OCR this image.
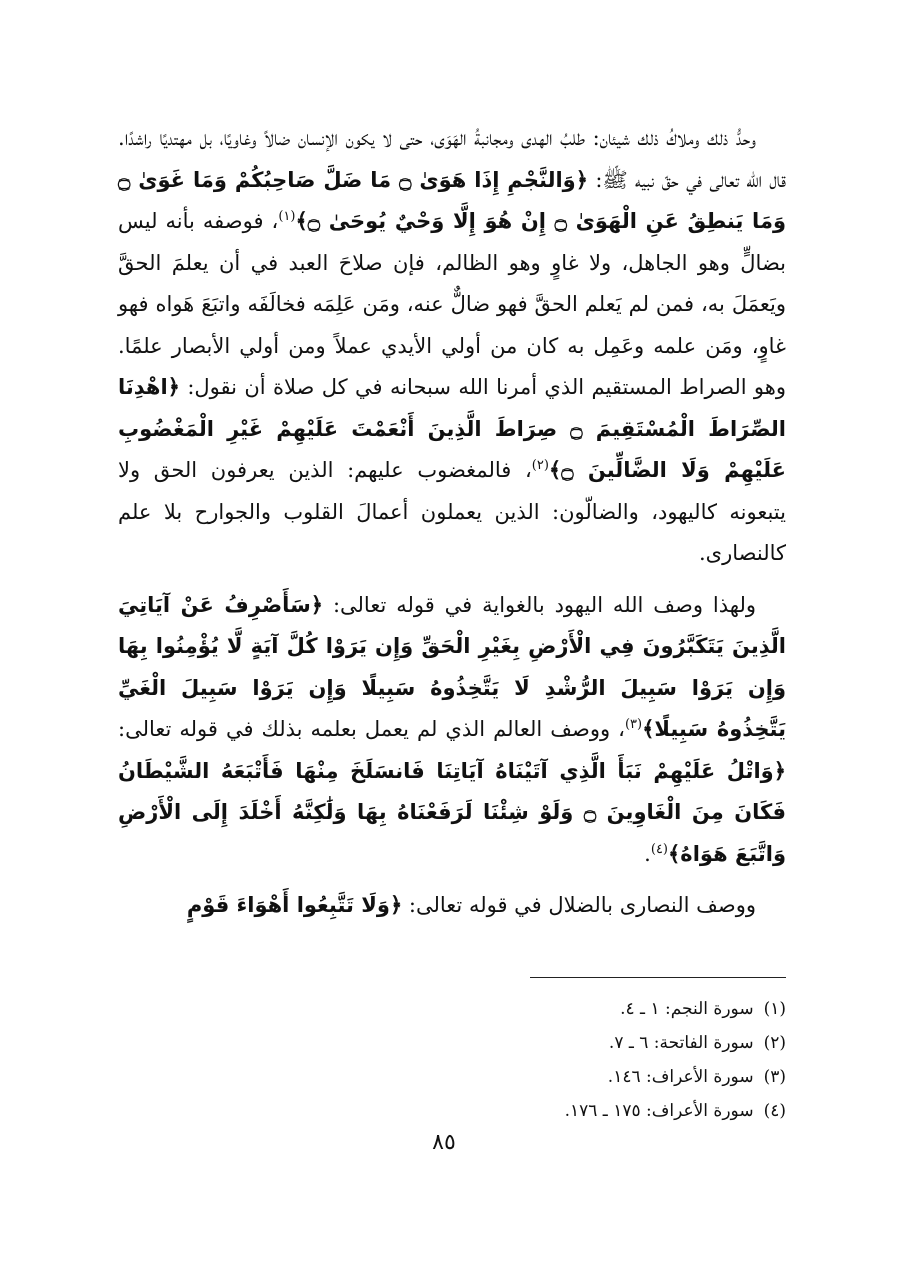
وحدُّ ذلك وملاكُ ذلك شيئان: طلبُ الهدى ومجانبةُ الهَوَى، حتى لا يكون الإنسان ضالاً وغاويًا، بل مهتديًا راشدًا. قال الله تعالى في حقّ نبيه ﷺ: ﴿وَالنَّجْمِ إِذَا هَوَىٰ ۝ مَا ضَلَّ صَاحِبُكُمْ وَمَا غَوَىٰ ۝ وَمَا يَنطِقُ عَنِ الْهَوَىٰ ۝ إِنْ هُوَ إِلَّا وَحْيٌ يُوحَىٰ ۝﴾$^{(١)}$، فوصفه بأنه ليس بضالٍّ وهو الجاهل، ولا غاوٍ وهو الظالم، فإن صلاحَ العبد في أن يعلمَ الحقَّ ويَعمَلَ به، فمن لم يَعلم الحقَّ فهو ضالٌّ عنه، ومَن عَلِمَه فخالَفَه واتبَعَ هَواه فهو غاوٍ، ومَن علمه وعَمِل به كان من أولي الأيدي عملاً ومن أولي الأبصار علمًا. وهو الصراط المستقيم الذي أمرنا الله سبحانه في كل صلاة أن نقول: ﴿اهْدِنَا الصِّرَاطَ الْمُسْتَقِيمَ ۝ صِرَاطَ الَّذِينَ أَنْعَمْتَ عَلَيْهِمْ غَيْرِ الْمَغْضُوبِ عَلَيْهِمْ وَلَا الضَّالِّينَ ۝﴾$^{(٢)}$، فالمغضوب عليهم: الذين يعرفون الحق ولا يتبعونه كاليهود، والضالّون: الذين يعملون أعمالَ القلوب والجوارح بلا علم كالنصارى.

ولهذا وصف الله اليهود بالغواية في قوله تعالى: ﴿سَأَصْرِفُ عَنْ آيَاتِيَ الَّذِينَ يَتَكَبَّرُونَ فِي الْأَرْضِ بِغَيْرِ الْحَقِّ وَإِن يَرَوْا كُلَّ آيَةٍ لَّا يُؤْمِنُوا بِهَا وَإِن يَرَوْا سَبِيلَ الرُّشْدِ لَا يَتَّخِذُوهُ سَبِيلًا وَإِن يَرَوْا سَبِيلَ الْغَيِّ يَتَّخِذُوهُ سَبِيلًا﴾$^{(٣)}$، ووصف العالم الذي لم يعمل بعلمه بذلك في قوله تعالى: ﴿وَاتْلُ عَلَيْهِمْ نَبَأَ الَّذِي آتَيْنَاهُ آيَاتِنَا فَانسَلَخَ مِنْهَا فَأَتْبَعَهُ الشَّيْطَانُ فَكَانَ مِنَ الْغَاوِينَ ۝ وَلَوْ شِئْنَا لَرَفَعْنَاهُ بِهَا وَلَٰكِنَّهُ أَخْلَدَ إِلَى الْأَرْضِ وَاتَّبَعَ هَوَاهُ﴾$^{(٤)}$.

ووصف النصارى بالضلال في قوله تعالى: ﴿وَلَا تَتَّبِعُوا أَهْوَاءَ قَوْمٍ

(١)سورة النجم: ١ ـ ٤.
(٢)سورة الفاتحة: ٦ ـ ٧.
(٣)سورة الأعراف: ١٤٦.
(٤)سورة الأعراف: ١٧٥ ـ ١٧٦.
٨٥
